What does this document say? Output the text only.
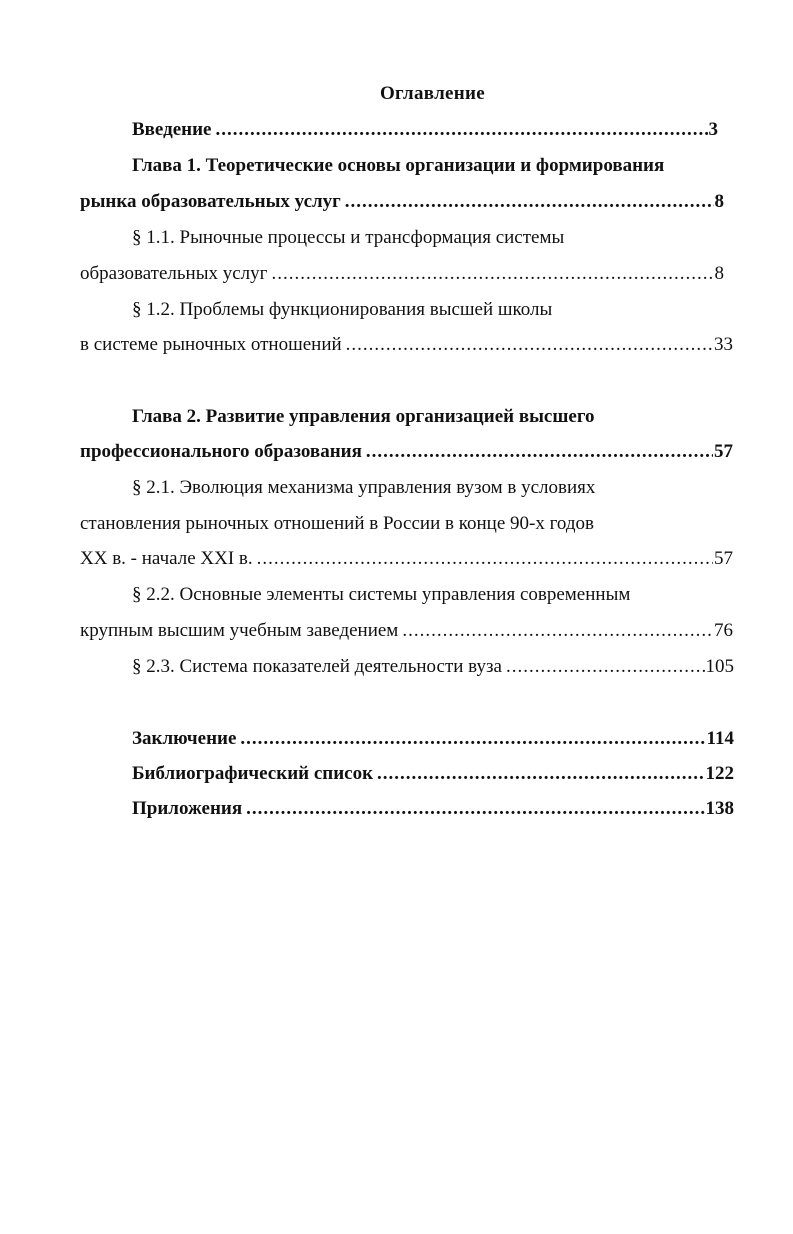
Оглавление
Введение .....	3
Глава 1. Теоретические основы организации и формирования
рынка образовательных услуг .....	8
§ 1.1. Рыночные процессы и трансформация системы
образовательных услуг .....	8
§ 1.2. Проблемы функционирования высшей школы
в системе рыночных отношений .....	33
Глава 2. Развитие управления организацией высшего
профессионального образования .....	57
§ 2.1. Эволюция механизма управления вузом в условиях
становления рыночных отношений в России в конце 90-х годов
XX в. - начале XXI в. .....	57
§ 2.2. Основные элементы системы управления современным
крупным высшим учебным заведением .....	76
§ 2.3. Система показателей деятельности вуза .....	105
Заключение .....	114
Библиографический список .....	122
Приложения .....	138
